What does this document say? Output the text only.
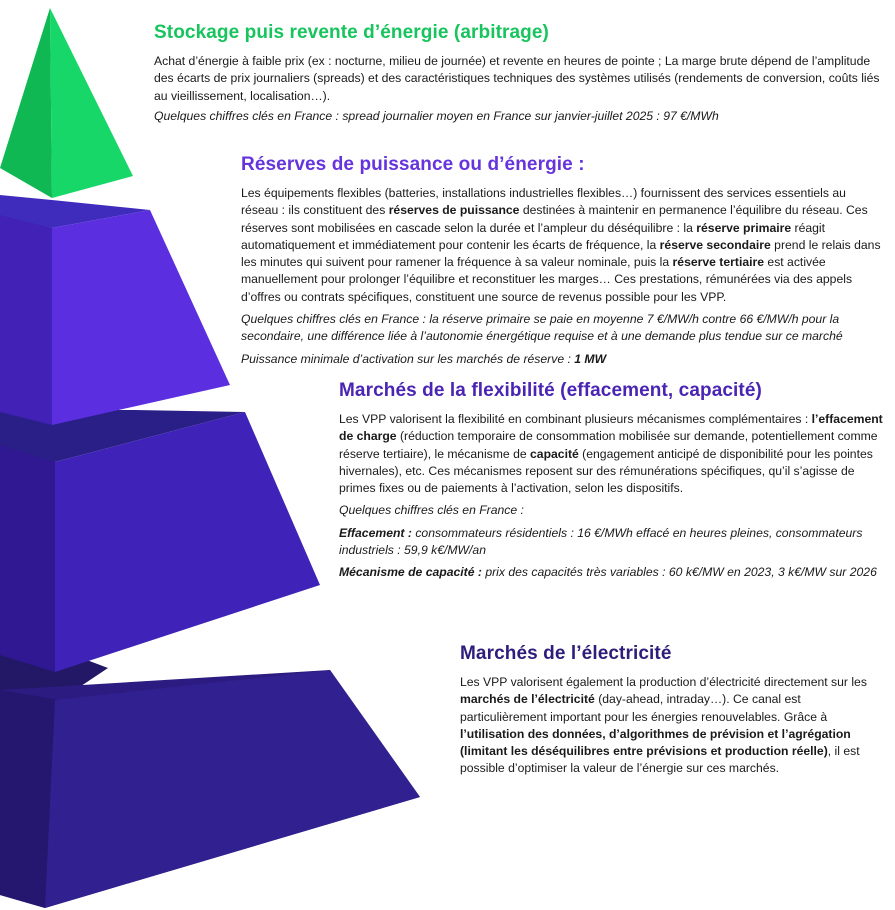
Stockage puis revente d’énergie (arbitrage)
Achat d’énergie à faible prix (ex : nocturne, milieu de journée) et revente en heures de pointe ; La marge brute dépend de l’amplitude des écarts de prix journaliers (spreads) et des caractéristiques techniques des systèmes utilisés (rendements de conversion, coûts liés au vieillissement, localisation…).
Quelques chiffres clés en France : spread journalier moyen en France sur janvier-juillet 2025 : 97 €/MWh
Réserves de puissance ou d’énergie :
Les équipements flexibles (batteries, installations industrielles flexibles…) fournissent des services essentiels au réseau : ils constituent des réserves de puissance destinées à maintenir en permanence l’équilibre du réseau. Ces réserves sont mobilisées en cascade selon la durée et l’ampleur du déséquilibre : la réserve primaire réagit automatiquement et immédiatement pour contenir les écarts de fréquence, la réserve secondaire prend le relais dans les minutes qui suivent pour ramener la fréquence à sa valeur nominale, puis la réserve tertiaire est activée manuellement pour prolonger l’équilibre et reconstituer les marges… Ces prestations, rémunérées via des appels d’offres ou contrats spécifiques, constituent une source de revenus possible pour les VPP.
Quelques chiffres clés en France : la réserve primaire se paie en moyenne 7 €/MW/h contre 66 €/MW/h pour la secondaire, une différence liée à l’autonomie énergétique requise et à une demande plus tendue sur ce marché
Puissance minimale d’activation sur les marchés de réserve : 1 MW
Marchés de la flexibilité (effacement, capacité)
Les VPP valorisent la flexibilité en combinant plusieurs mécanismes complémentaires : l’effacement de charge (réduction temporaire de consommation mobilisée sur demande, potentiellement comme réserve tertiaire), le mécanisme de capacité (engagement anticipé de disponibilité pour les pointes hivernales), etc. Ces mécanismes reposent sur des rémunérations spécifiques, qu’il s’agisse de primes fixes ou de paiements à l’activation, selon les dispositifs.
Quelques chiffres clés en France :
Effacement : consommateurs résidentiels : 16 €/MWh effacé en heures pleines, consommateurs industriels : 59,9 k€/MW/an
Mécanisme de capacité : prix des capacités très variables : 60 k€/MW en 2023, 3 k€/MW sur 2026
Marchés de l’électricité
Les VPP valorisent également la production d’électricité directement sur les marchés de l’électricité (day-ahead, intraday…). Ce canal est particulièrement important pour les énergies renouvelables. Grâce à l’utilisation des données, d’algorithmes de prévision et l’agrégation (limitant les déséquilibres entre prévisions et production réelle), il est possible d’optimiser la valeur de l’énergie sur ces marchés.
